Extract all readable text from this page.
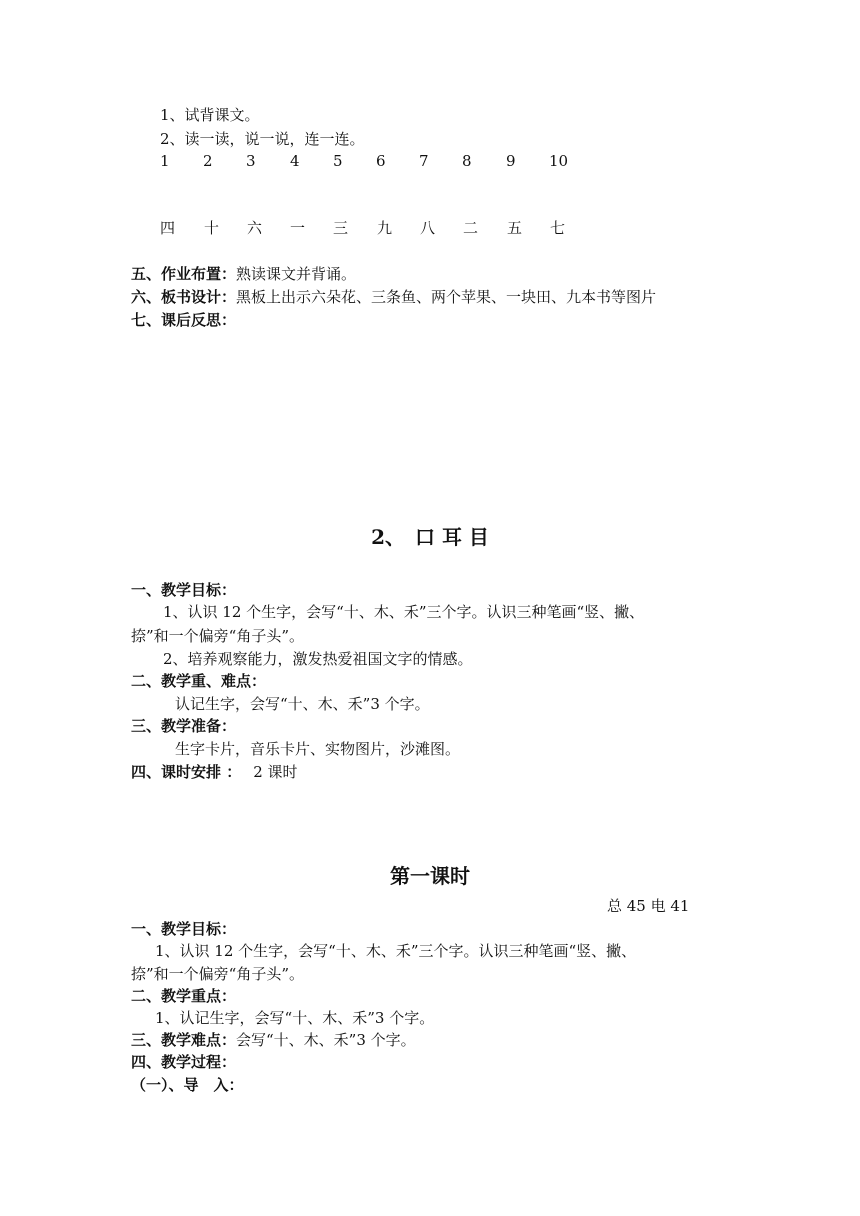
1、试背课文。
2、读一读，说一说，连一连。
1 2 3 4 5 6 7 8 9 10
四 十 六 一 三 九 八 二 五 七
五、作业布置：熟读课文并背诵。
六、板书设计：黑板上出示六朵花、三条鱼、两个苹果、一块田、九本书等图片
七、课后反思：
2、　口 耳 目
一、教学目标：
1、认识 12 个生字，会写“十、木、禾”三个字。认识三种笔画“竖、撇、
捺”和一个偏旁“角子头”。
2、培养观察能力，激发热爱祖国文字的情感。
二、教学重、难点：
认记生字，会写“十、木、禾”3 个字。
三、教学准备：
生字卡片，音乐卡片、实物图片，沙滩图。
四、课时安排 ： 2 课时
第一课时
总 45 电 41
一、教学目标：
1、认识 12 个生字，会写“十、木、禾”三个字。认识三种笔画“竖、撇、
捺”和一个偏旁“角子头”。
二、教学重点：
1、认记生字，会写“十、木、禾”3 个字。
三、教学难点：会写“十、木、禾”3 个字。
四、教学过程：
（一）、导　入：
